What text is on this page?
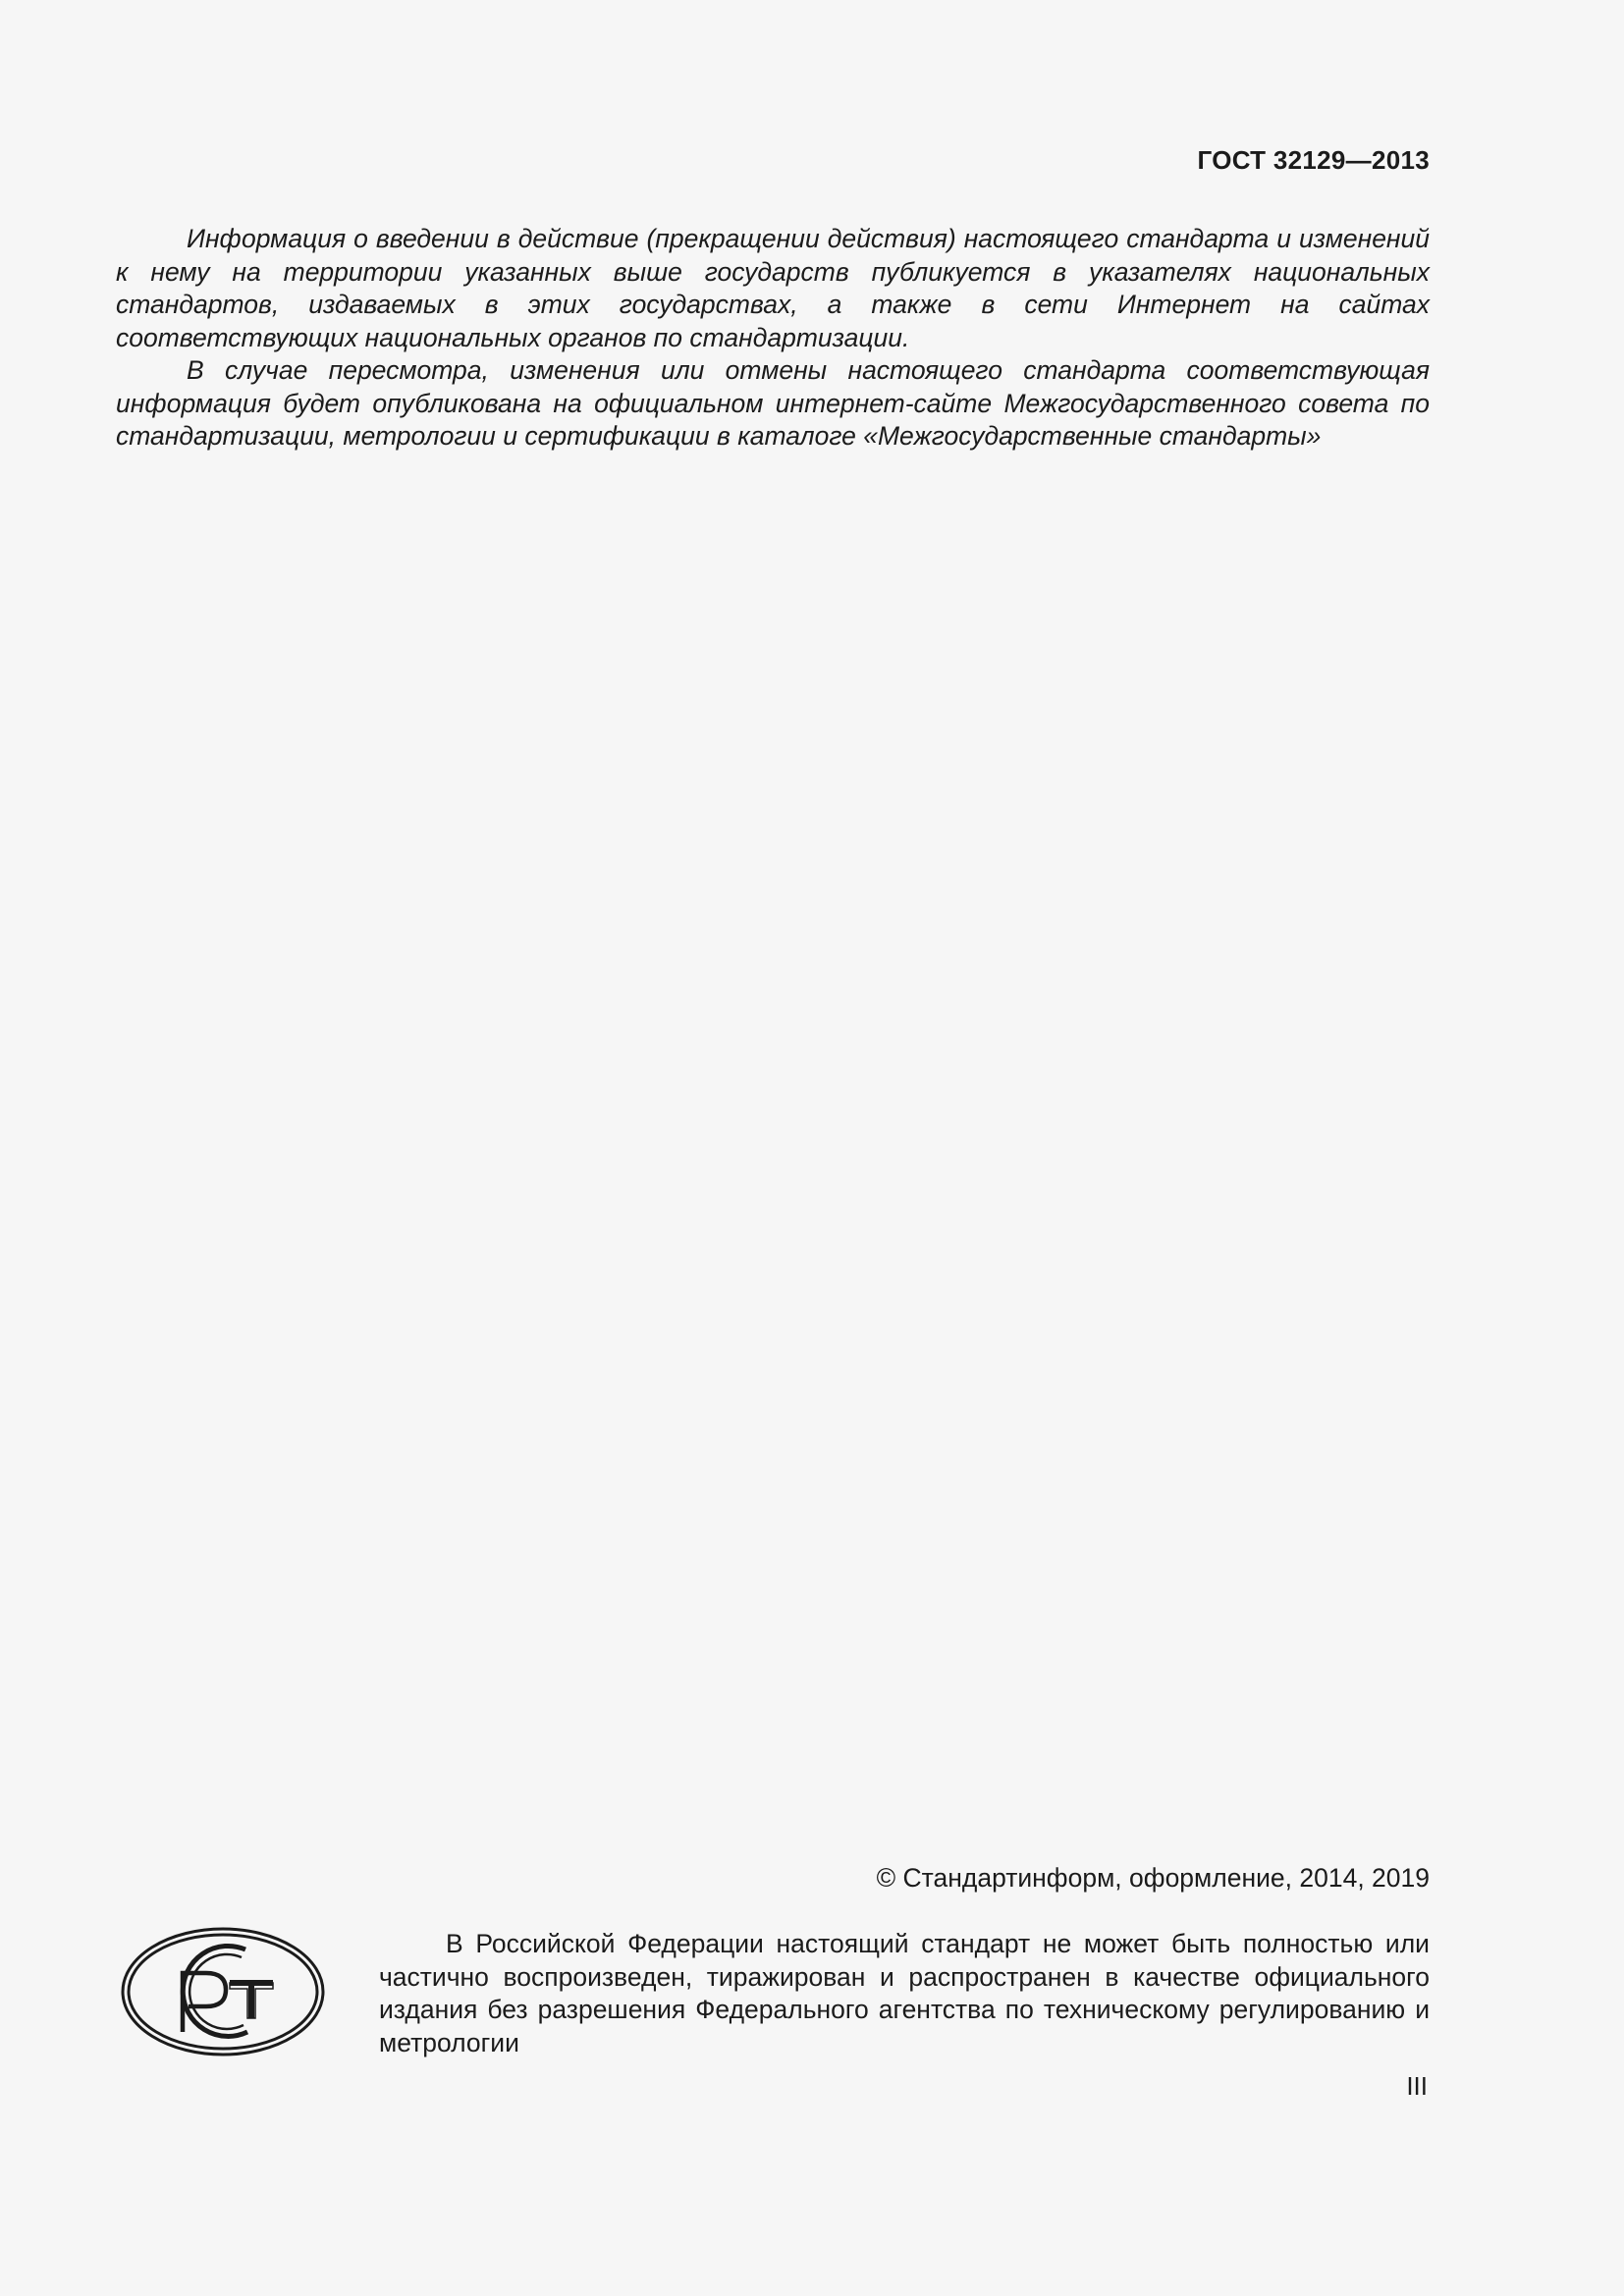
ГОСТ 32129—2013

Информация о введении в действие (прекращении действия) настоящего стандарта и изменений к нему на территории указанных выше государств публикуется в указателях национальных стандартов, издаваемых в этих государствах, а также в сети Интернет на сайтах соответствующих национальных органов по стандартизации.

В случае пересмотра, изменения или отмены настоящего стандарта соответствующая информация будет опубликована на официальном интернет-сайте Межгосударственного совета по стандартизации, метрологии и сертификации в каталоге «Межгосударственные стандарты»

© Стандартинформ, оформление, 2014, 2019

В Российской Федерации настоящий стандарт не может быть полностью или частично воспроизведен, тиражирован и распространен в качестве официального издания без разрешения Федерального агентства по техническому регулированию и метрологии

III
